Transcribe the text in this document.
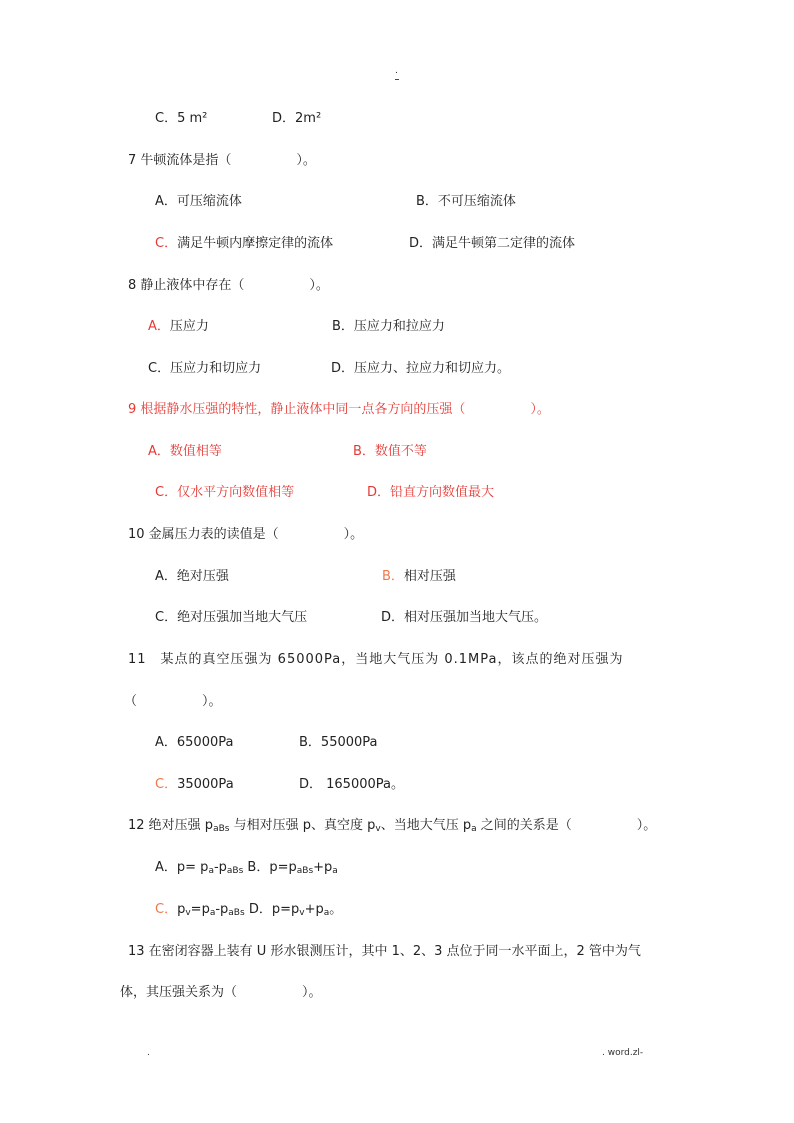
.
C．5 m²	D．2m²
7 牛顿流体是指（　　　　　）。
A．可压缩流体	B．不可压缩流体
C．满足牛顿内摩擦定律的流体	D．满足牛顿第二定律的流体
8 静止液体中存在（　　　　　）。
A．压应力	B．压应力和拉应力
C．压应力和切应力	D．压应力、拉应力和切应力。
9 根据静水压强的特性，静止液体中同一点各方向的压强（　　　　　）。
A．数值相等	B．数值不等
C．仅水平方向数值相等	D．铅直方向数值最大
10 金属压力表的读值是（　　　　　）。
A．绝对压强	B．相对压强
C．绝对压强加当地大气压	D．相对压强加当地大气压。
11　某点的真空压强为 65000Pa，当地大气压为 0.1MPa，该点的绝对压强为
（　　　　　）。
A．65000Pa	B．55000Pa
C．35000Pa	D． 165000Pa。
12 绝对压强 $p_{aBs}$ 与相对压强 p、真空度 $p_v$、当地大气压 $p_a$ 之间的关系是（　　　　　）。
A．$p= p_a-p_{aBs}$ B．$p=p_{aBs}+p_a$
C．$p_v=p_a-p_{aBs}$ D．$p=p_v+p_a$。
13 在密闭容器上装有 U 形水银测压计，其中 1、2、3 点位于同一水平面上，2 管中为气
体，其压强关系为（　　　　　）。
.	. word.zl-
